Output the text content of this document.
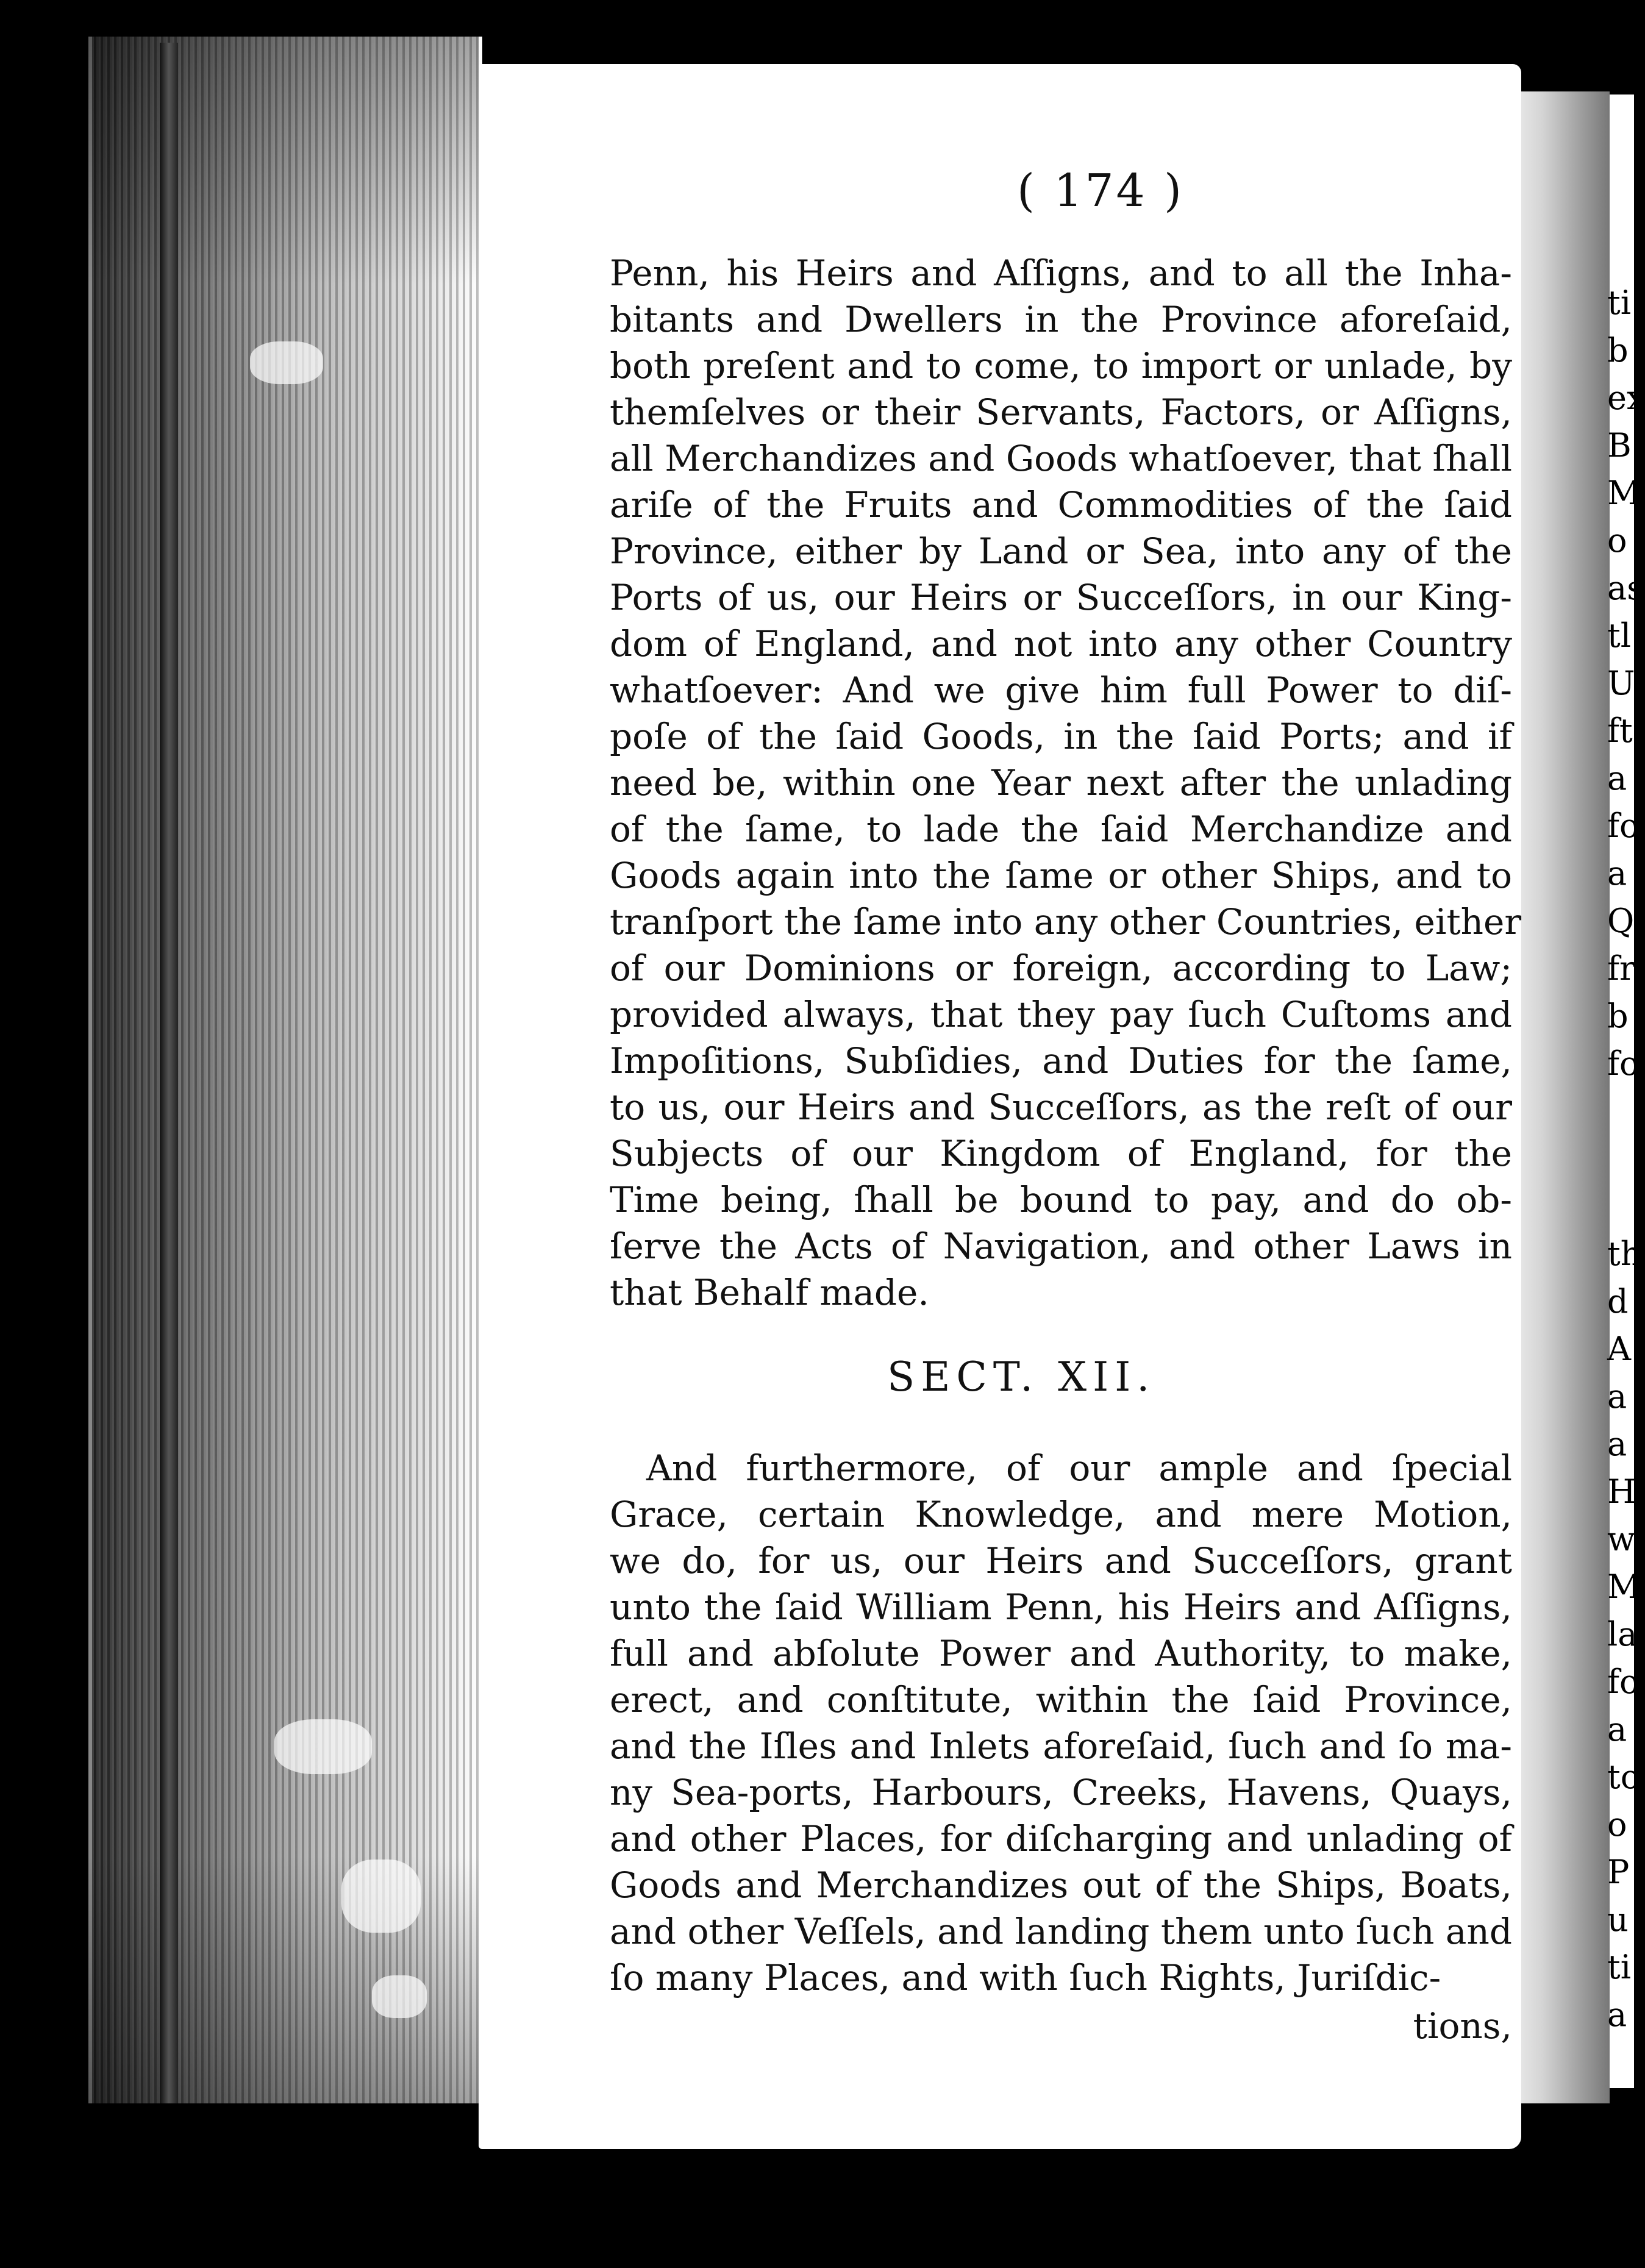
ti
b
ex
B
M
o
as
tl
U
ft
a
fo
a
Q
fr
b
fo
th
d
A
a
a
H
w
M
la
fo
a
to
o
P
u
ti
a
( 174 )
Penn, his Heirs and Aſſigns, and to all the Inha-
bitants and Dwellers in the Province aforeſaid,
both preſent and to come, to import or unlade, by
themſelves or their Servants, Factors, or Aſſigns,
all Merchandizes and Goods whatſoever, that ſhall
ariſe of the Fruits and Commodities of the ſaid
Province, either by Land or Sea, into any of the
Ports of us, our Heirs or Succeſſors, in our King-
dom of England, and not into any other Country
whatſoever: And we give him full Power to diſ-
poſe of the ſaid Goods, in the ſaid Ports; and if
need be, within one Year next after the unlading
of the ſame, to lade the ſaid Merchandize and
Goods again into the ſame or other Ships, and to
tranſport the ſame into any other Countries, either
of our Dominions or foreign, according to Law;
provided always, that they pay ſuch Cuſtoms and
Impoſitions, Subſidies, and Duties for the ſame,
to us, our Heirs and Succeſſors, as the reſt of our
Subjects of our Kingdom of England, for the
Time being, ſhall be bound to pay, and do ob-
ſerve the Acts of Navigation, and other Laws in
that Behalf made.
SECT. XII.
And furthermore, of our ample and ſpecial
Grace, certain Knowledge, and mere Motion,
we do, for us, our Heirs and Succeſſors, grant
unto the ſaid William Penn, his Heirs and Aſſigns,
full and abſolute Power and Authority, to make,
erect, and conſtitute, within the ſaid Province,
and the Iſles and Inlets aforeſaid, ſuch and ſo ma-
ny Sea-ports, Harbours, Creeks, Havens, Quays,
and other Places, for diſcharging and unlading of
Goods and Merchandizes out of the Ships, Boats,
and other Veſſels, and landing them unto ſuch and
ſo many Places, and with ſuch Rights, Juriſdic-
tions,
